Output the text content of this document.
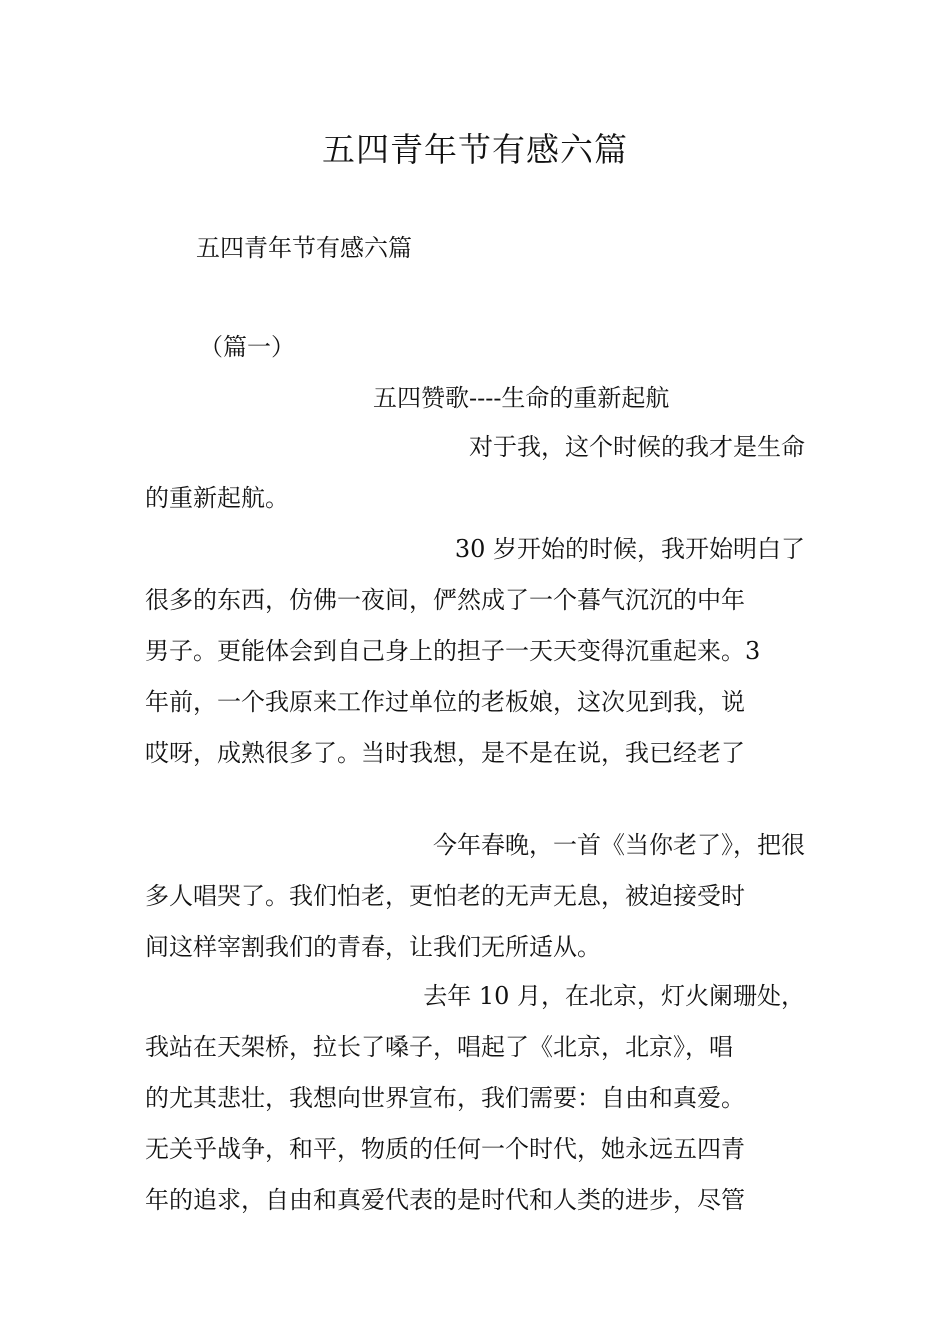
五四青年节有感六篇
五四青年节有感六篇
（篇一）
五四赞歌----生命的重新起航
对于我，这个时候的我才是生命
的重新起航。
30 岁开始的时候，我开始明白了
很多的东西，仿佛一夜间，俨然成了一个暮气沉沉的中年
男子。更能体会到自己身上的担子一天天变得沉重起来。3
年前，一个我原来工作过单位的老板娘，这次见到我，说
哎呀，成熟很多了。当时我想，是不是在说，我已经老了
今年春晚，一首《当你老了》，把很
多人唱哭了。我们怕老，更怕老的无声无息，被迫接受时
间这样宰割我们的青春，让我们无所适从。
去年 10 月，在北京，灯火阑珊处，
我站在天架桥，拉长了嗓子，唱起了《北京，北京》，唱
的尤其悲壮，我想向世界宣布，我们需要：自由和真爱。
无关乎战争，和平，物质的任何一个时代，她永远五四青
年的追求，自由和真爱代表的是时代和人类的进步，尽管
